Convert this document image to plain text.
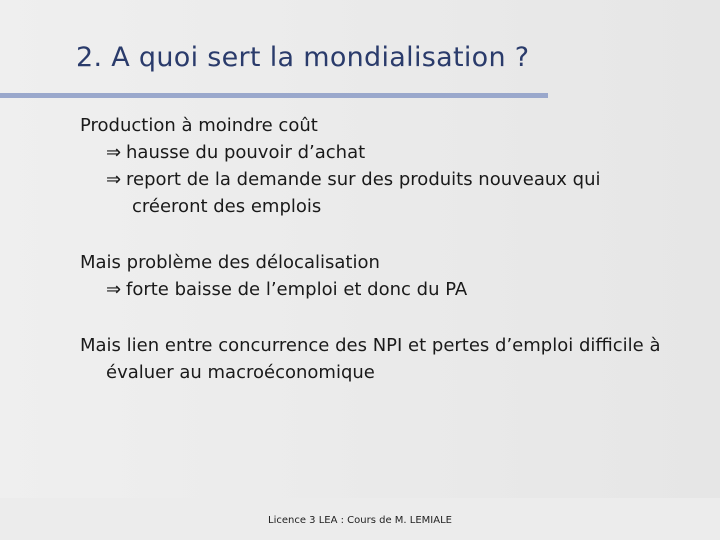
2. A quoi sert la mondialisation ?

Production à moindre coût
⇒ hausse du pouvoir d’achat
⇒ report de la demande sur des produits nouveaux qui créeront des emplois

Mais problème des délocalisation
⇒ forte baisse de l’emploi et donc du PA

Mais lien entre concurrence des NPI et pertes d’emploi difficile à évaluer au macroéconomique

Licence 3 LEA : Cours de M. LEMIALE
